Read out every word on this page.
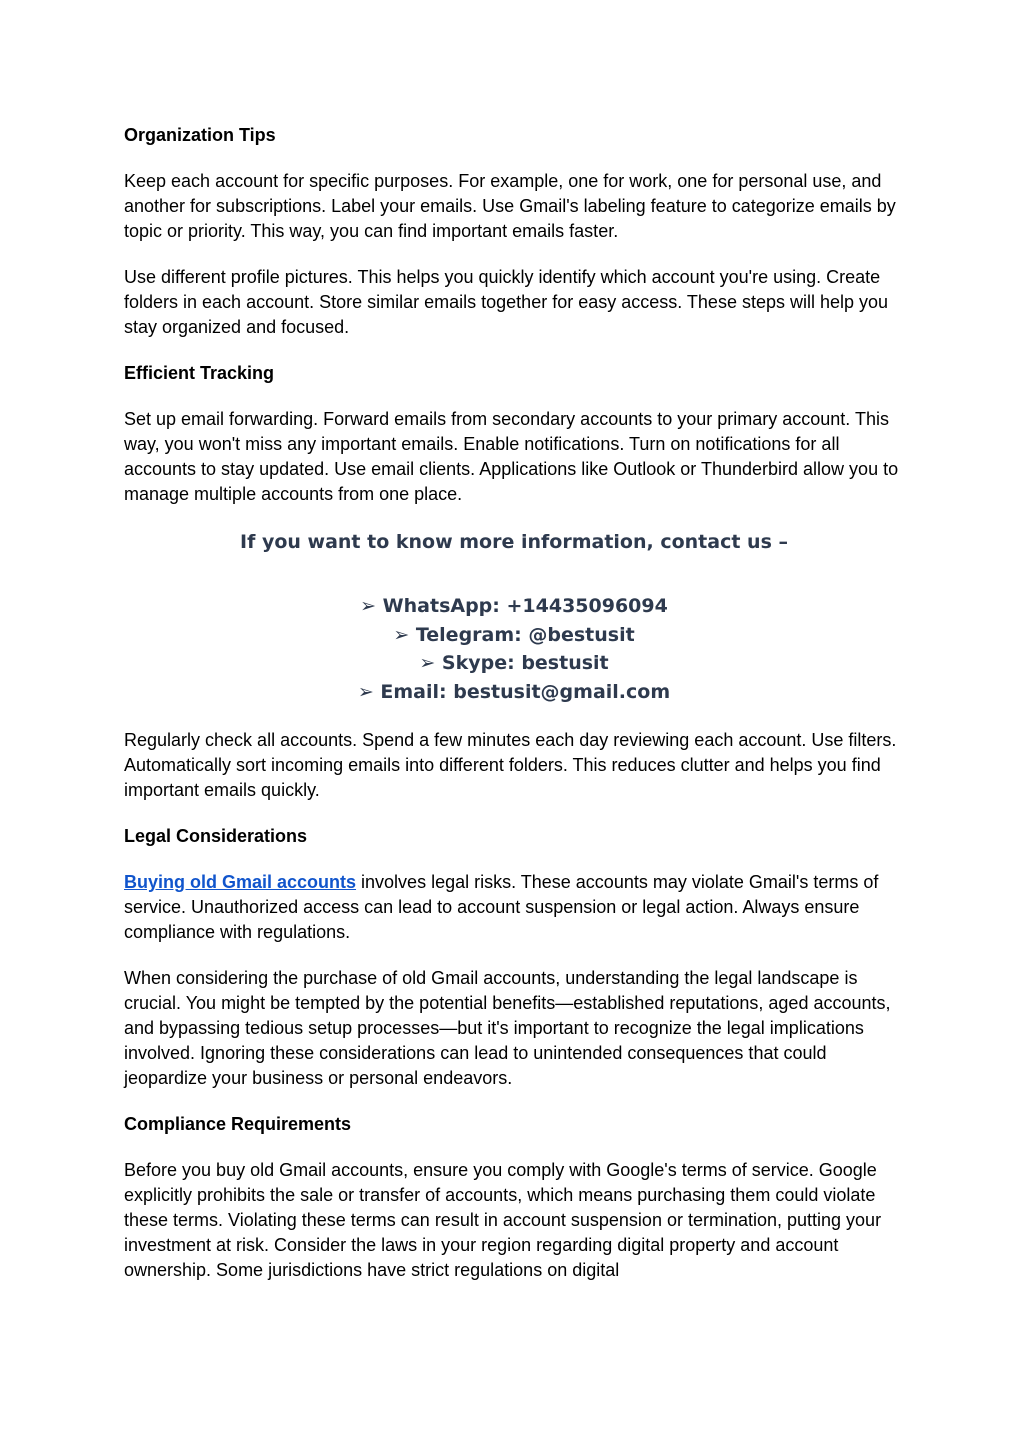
Organization Tips

Keep each account for specific purposes. For example, one for work, one for personal use, and another for subscriptions. Label your emails. Use Gmail's labeling feature to categorize emails by topic or priority. This way, you can find important emails faster.

Use different profile pictures. This helps you quickly identify which account you're using. Create folders in each account. Store similar emails together for easy access. These steps will help you stay organized and focused.

Efficient Tracking

Set up email forwarding. Forward emails from secondary accounts to your primary account. This way, you won't miss any important emails. Enable notifications. Turn on notifications for all accounts to stay updated. Use email clients. Applications like Outlook or Thunderbird allow you to manage multiple accounts from one place.

If you want to know more information, contact us –
➢ WhatsApp: +14435096094
➢ Telegram: @bestusit
➢ Skype: bestusit
➢ Email: bestusit@gmail.com

Regularly check all accounts. Spend a few minutes each day reviewing each account. Use filters. Automatically sort incoming emails into different folders. This reduces clutter and helps you find important emails quickly.

Legal Considerations

Buying old Gmail accounts involves legal risks. These accounts may violate Gmail's terms of service. Unauthorized access can lead to account suspension or legal action. Always ensure compliance with regulations.

When considering the purchase of old Gmail accounts, understanding the legal landscape is crucial. You might be tempted by the potential benefits—established reputations, aged accounts, and bypassing tedious setup processes—but it's important to recognize the legal implications involved. Ignoring these considerations can lead to unintended consequences that could jeopardize your business or personal endeavors.

Compliance Requirements

Before you buy old Gmail accounts, ensure you comply with Google's terms of service. Google explicitly prohibits the sale or transfer of accounts, which means purchasing them could violate these terms. Violating these terms can result in account suspension or termination, putting your investment at risk. Consider the laws in your region regarding digital property and account ownership. Some jurisdictions have strict regulations on digital
